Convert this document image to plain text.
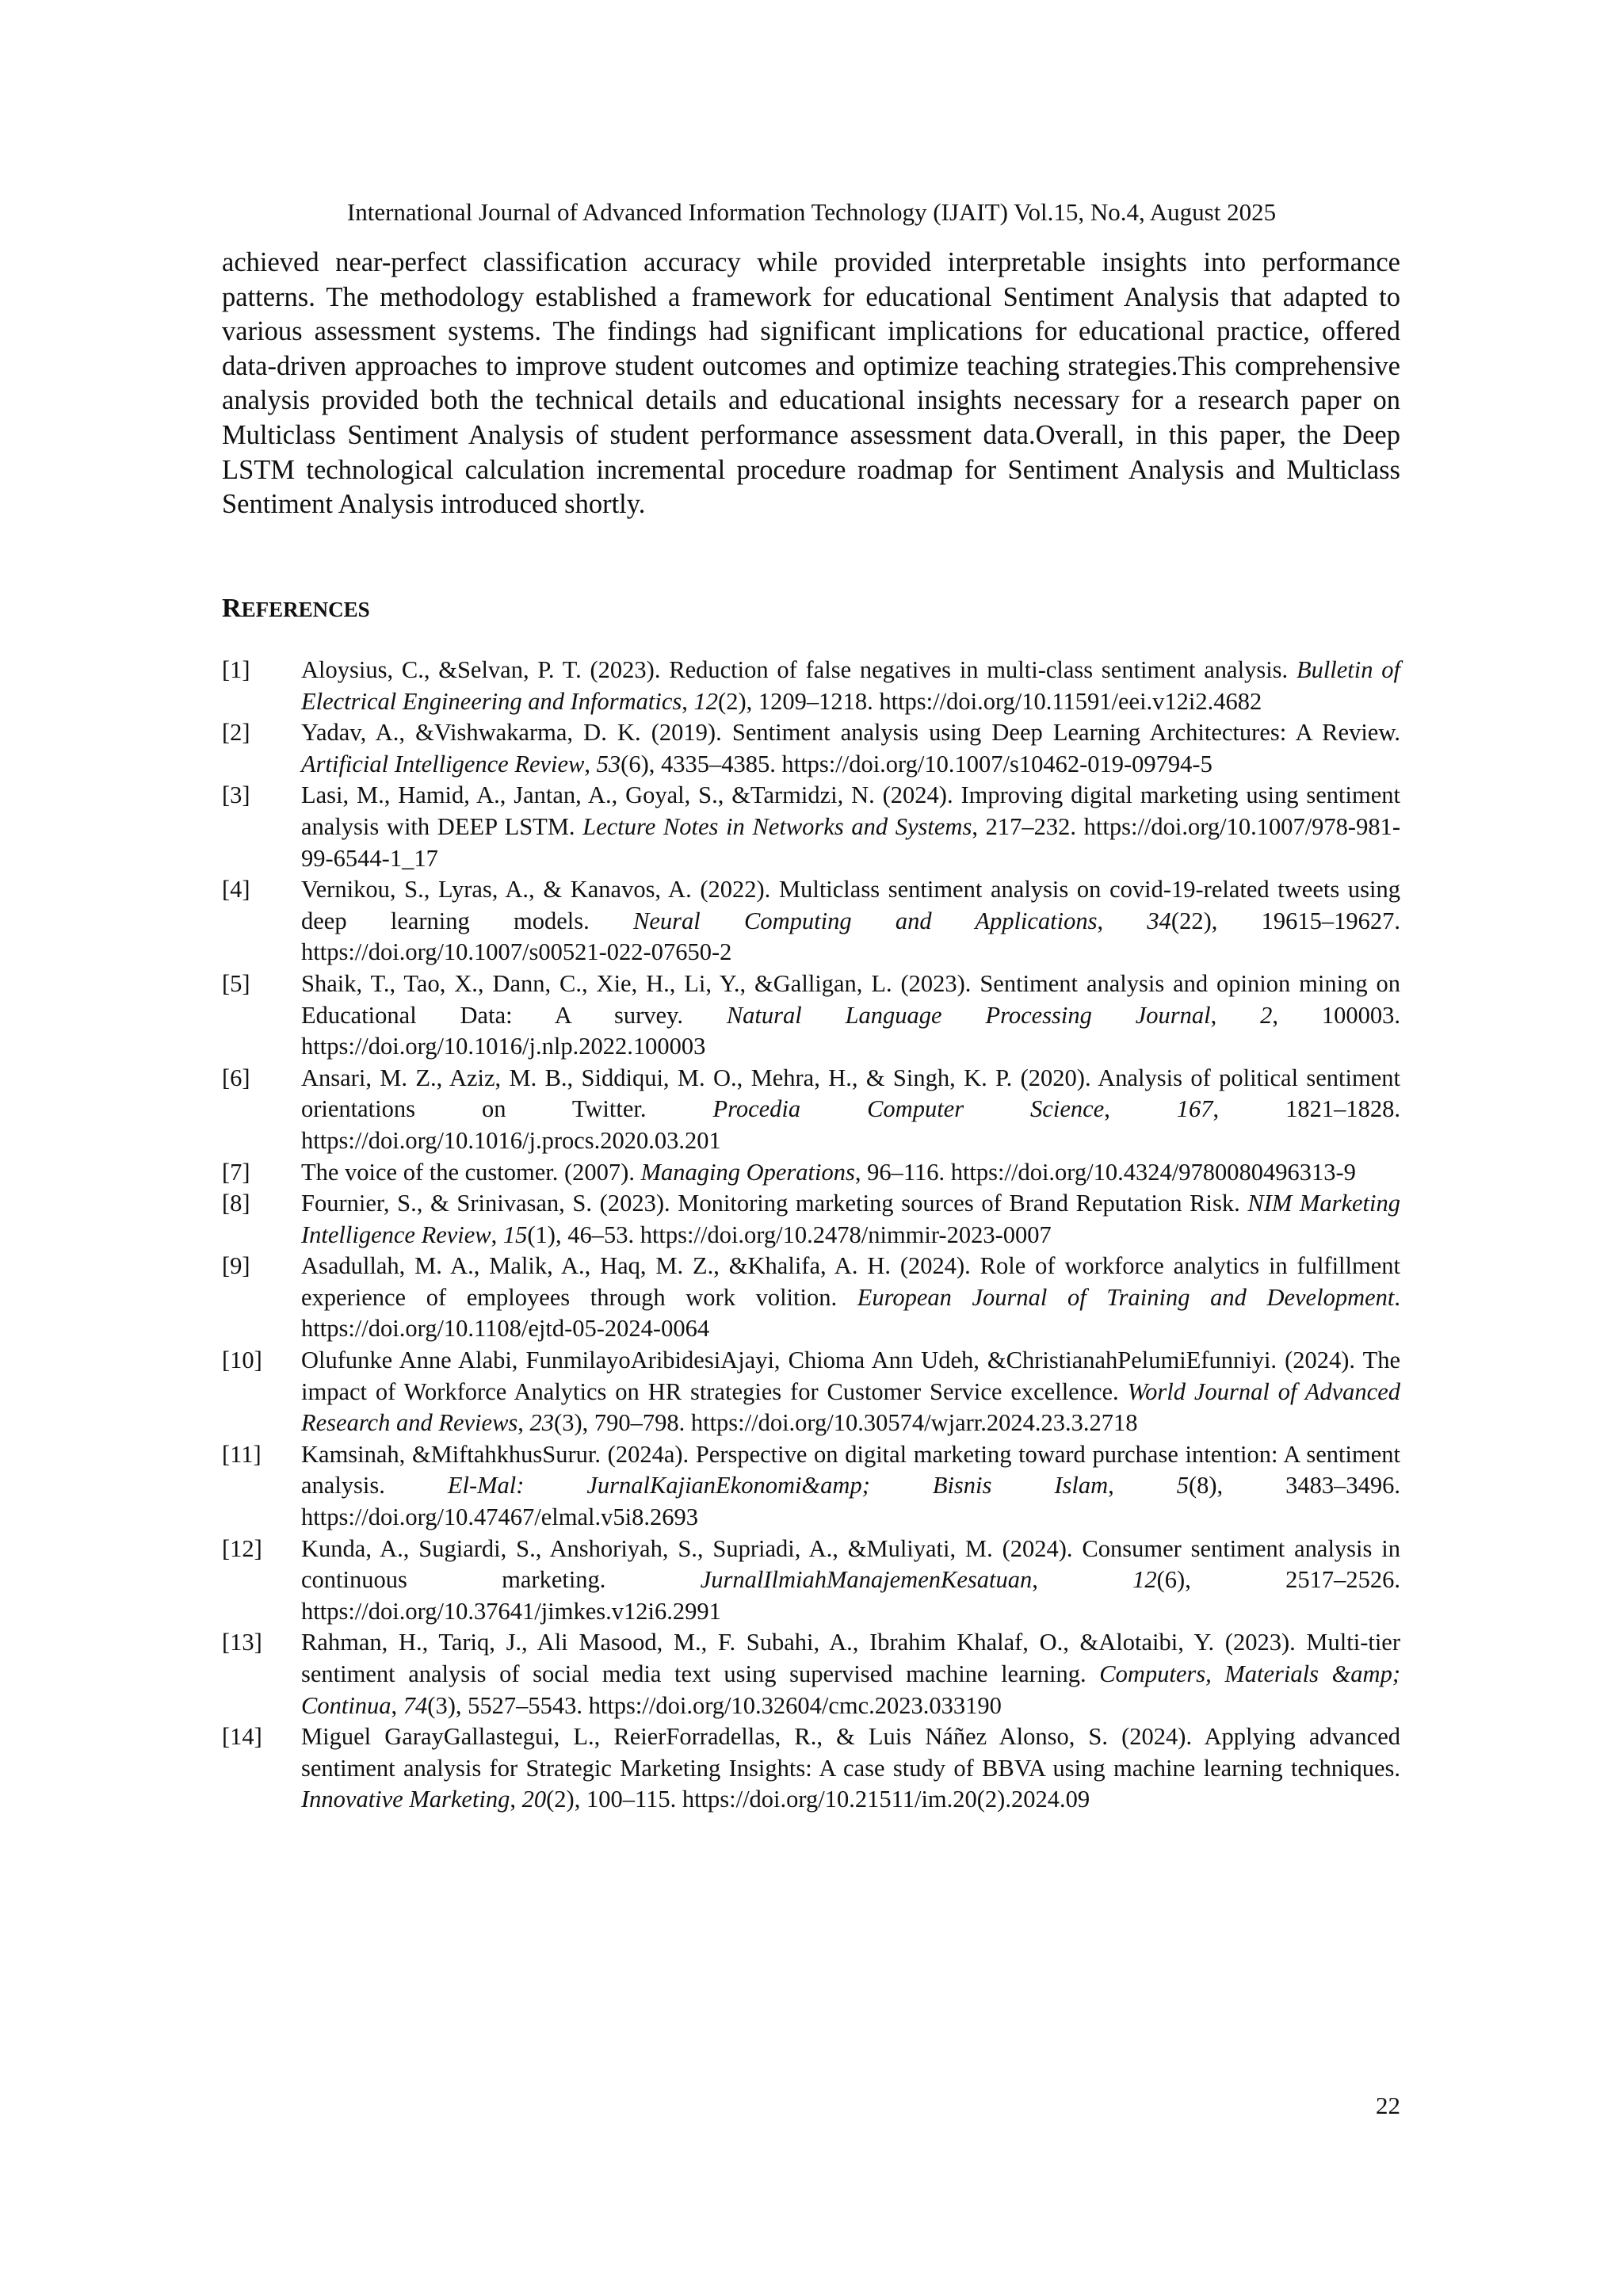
International Journal of Advanced Information Technology (IJAIT) Vol.15, No.4, August 2025

achieved near-perfect classification accuracy while provided interpretable insights into performance patterns. The methodology established a framework for educational Sentiment Analysis that adapted to various assessment systems. The findings had significant implications for educational practice, offered data-driven approaches to improve student outcomes and optimize teaching strategies.This comprehensive analysis provided both the technical details and educational insights necessary for a research paper on Multiclass Sentiment Analysis of student performance assessment data.Overall, in this paper, the Deep LSTM technological calculation incremental procedure roadmap for Sentiment Analysis and Multiclass Sentiment Analysis introduced shortly.

REFERENCES
[1]	Aloysius, C., &Selvan, P. T. (2023). Reduction of false negatives in multi-class sentiment analysis. Bulletin of Electrical Engineering and Informatics, 12(2), 1209–1218. https://doi.org/10.11591/eei.v12i2.4682
[2]	Yadav, A., &Vishwakarma, D. K. (2019). Sentiment analysis using Deep Learning Architectures: A Review. Artificial Intelligence Review, 53(6), 4335–4385. https://doi.org/10.1007/s10462-019-09794-5
[3]	Lasi, M., Hamid, A., Jantan, A., Goyal, S., &Tarmidzi, N. (2024). Improving digital marketing using sentiment analysis with DEEP LSTM. Lecture Notes in Networks and Systems, 217–232. https://doi.org/10.1007/978-981-99-6544-1_17
[4]	Vernikou, S., Lyras, A., & Kanavos, A. (2022). Multiclass sentiment analysis on covid-19-related tweets using deep learning models. Neural Computing and Applications, 34(22), 19615–19627. https://doi.org/10.1007/s00521-022-07650-2
[5]	Shaik, T., Tao, X., Dann, C., Xie, H., Li, Y., &Galligan, L. (2023). Sentiment analysis and opinion mining on Educational Data: A survey. Natural Language Processing Journal, 2, 100003. https://doi.org/10.1016/j.nlp.2022.100003
[6]	Ansari, M. Z., Aziz, M. B., Siddiqui, M. O., Mehra, H., & Singh, K. P. (2020). Analysis of political sentiment orientations on Twitter. Procedia Computer Science, 167, 1821–1828. https://doi.org/10.1016/j.procs.2020.03.201
[7]	The voice of the customer. (2007). Managing Operations, 96–116. https://doi.org/10.4324/9780080496313-9
[8]	Fournier, S., & Srinivasan, S. (2023). Monitoring marketing sources of Brand Reputation Risk. NIM Marketing Intelligence Review, 15(1), 46–53. https://doi.org/10.2478/nimmir-2023-0007
[9]	Asadullah, M. A., Malik, A., Haq, M. Z., &Khalifa, A. H. (2024). Role of workforce analytics in fulfillment experience of employees through work volition. European Journal of Training and Development. https://doi.org/10.1108/ejtd-05-2024-0064
[10]	Olufunke Anne Alabi, FunmilayoAribidesiAjayi, Chioma Ann Udeh, &ChristianahPelumiEfunniyi. (2024). The impact of Workforce Analytics on HR strategies for Customer Service excellence. World Journal of Advanced Research and Reviews, 23(3), 790–798. https://doi.org/10.30574/wjarr.2024.23.3.2718
[11]	Kamsinah, &MiftahkhusSurur. (2024a). Perspective on digital marketing toward purchase intention: A sentiment analysis. El-Mal: JurnalKajianEkonomi&amp; Bisnis Islam, 5(8), 3483–3496. https://doi.org/10.47467/elmal.v5i8.2693
[12]	Kunda, A., Sugiardi, S., Anshoriyah, S., Supriadi, A., &Muliyati, M. (2024). Consumer sentiment analysis in continuous marketing. JurnalIlmiahManajemenKesatuan, 12(6), 2517–2526. https://doi.org/10.37641/jimkes.v12i6.2991
[13]	Rahman, H., Tariq, J., Ali Masood, M., F. Subahi, A., Ibrahim Khalaf, O., &Alotaibi, Y. (2023). Multi-tier sentiment analysis of social media text using supervised machine learning. Computers, Materials &amp; Continua, 74(3), 5527–5543. https://doi.org/10.32604/cmc.2023.033190
[14]	Miguel GarayGallastegui, L., ReierForradellas, R., & Luis Náñez Alonso, S. (2024). Applying advanced sentiment analysis for Strategic Marketing Insights: A case study of BBVA using machine learning techniques. Innovative Marketing, 20(2), 100–115. https://doi.org/10.21511/im.20(2).2024.09
22
